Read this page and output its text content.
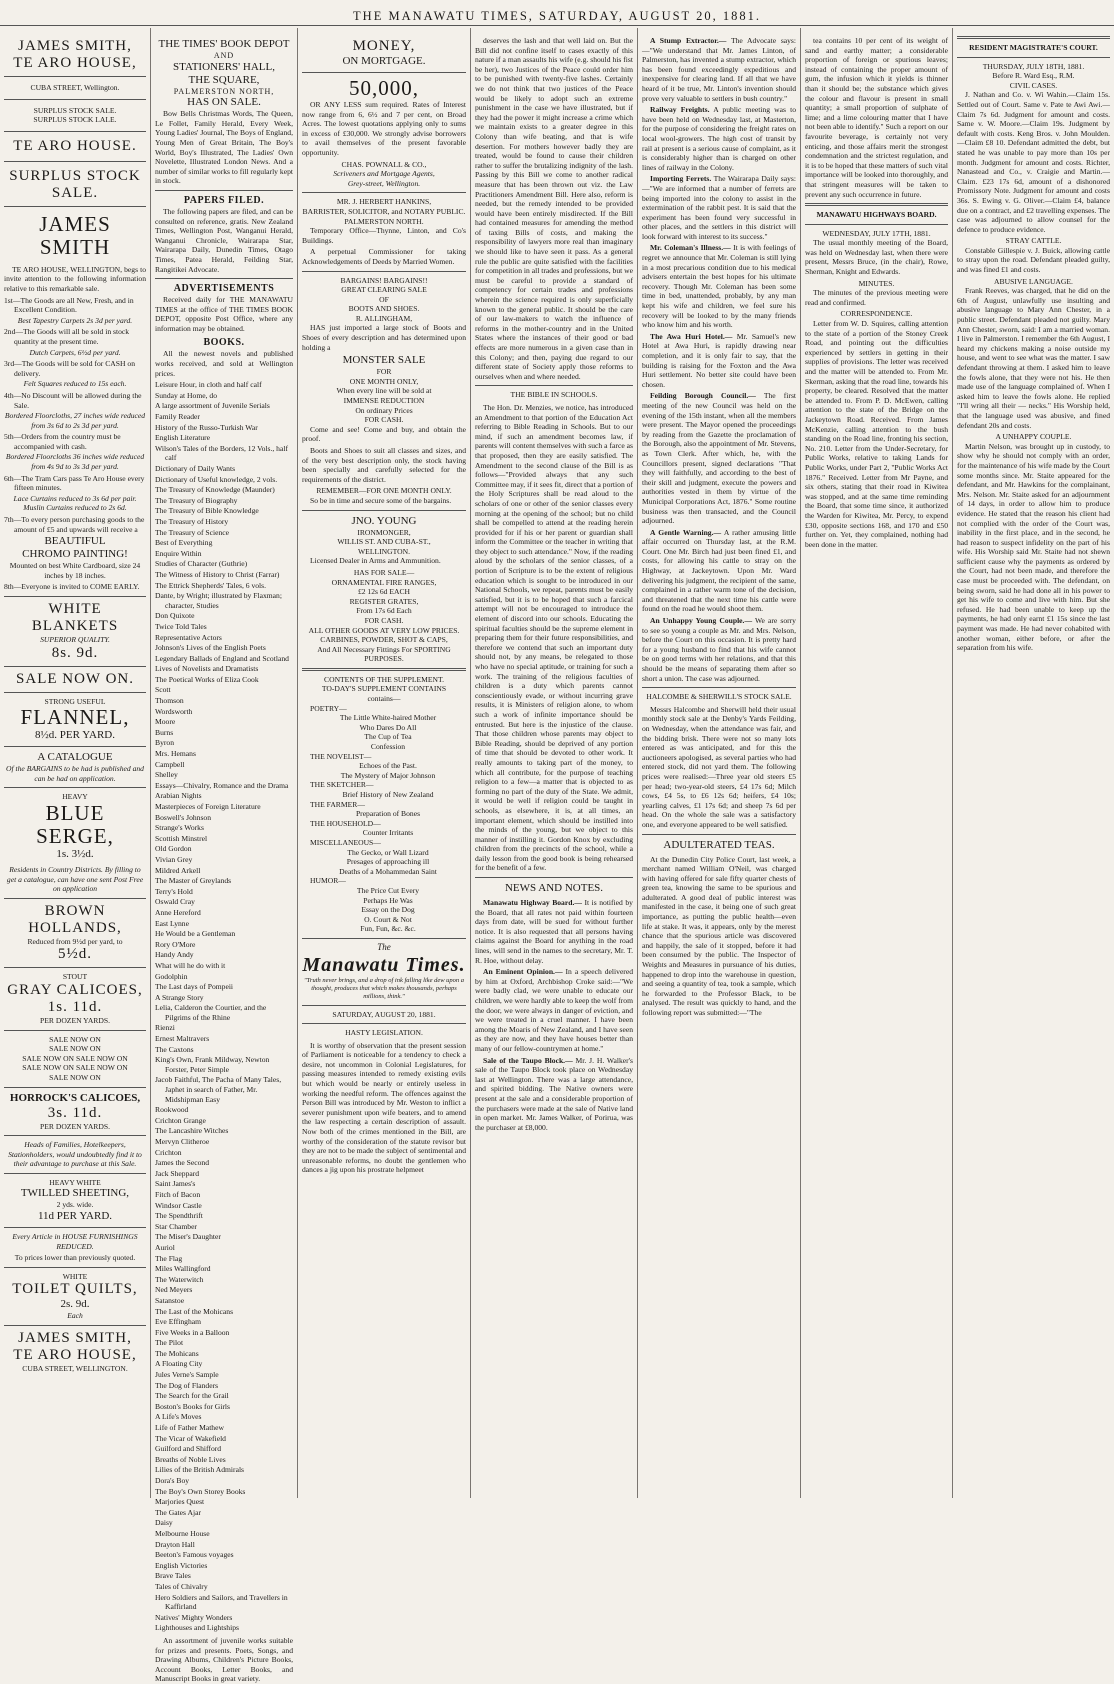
THE MANAWATU TIMES, SATURDAY, AUGUST 20, 1881.
JAMES SMITH,
TE ARO HOUSE,
CUBA STREET, Wellington.
SURPLUS STOCK SALE.
SURPLUS STOCK LALE.
TE ARO HOUSE.
SURPLUS STOCK
SALE.
JAMES SMITH

TE ARO HOUSE, WELLINGTON, begs to invite attention to the following information relative to this remarkable sale.

1st—The Goods are all New, Fresh, and in Excellent Condition.

Best Tapestry Carpets 2s 3d per yard.

2nd—The Goods will all be sold in stock quantity at the present time.

Dutch Carpets, 6½d per yard.

3rd—The Goods will be sold for CASH on delivery.

Felt Squares reduced to 15s each.

4th—No Discount will be allowed during the Sale.

Bordered Floorcloths, 27 inches wide reduced from 3s 6d to 2s 3d per yard.

5th—Orders from the country must be accompanied with cash.

Bordered Floorcloths 36 inches wide reduced from 4s 9d to 3s 3d per yard.

6th—The Tram Cars pass Te Aro House every fifteen minutes.

Lace Curtains reduced to 3s 6d per pair. Muslin Curtains reduced to 2s 6d.

7th—To every person purchasing goods to the amount of £5 and upwards will receive a

BEAUTIFUL
CHROMO PAINTING!

Mounted on best White Cardboard, size 24 inches by 18 inches.

8th—Everyone is invited to COME EARLY.

WHITE BLANKETS
SUPERIOR QUALITY.
8s. 9d.
SALE NOW ON.
STRONG USEFUL
FLANNEL,
8½d. PER YARD.
A CATALOGUE

Of the BARGAINS to be had is published and can be had on application.

HEAVY
BLUE SERGE,
1s. 3½d.

Residents in Country Districts. By filling to get a catalogue, can have one sent Post Free on application

BROWN HOLLANDS,
Reduced from 9½d per yard, to
5½d.
STOUT
GRAY CALICOES,
1s. 11d.
PER DOZEN YARDS.
SALE NOW ON
SALE NOW ON
SALE NOW ON SALE NOW ON
SALE NOW ON SALE NOW ON
SALE NOW ON
HORROCK'S CALICOES,
3s. 11d.
PER DOZEN YARDS.

Heads of Families, Hotelkeepers, Stationholders, would undoubtedly find it to their advantage to purchase at this Sale.

HEAVY WHITE
TWILLED SHEETING,
2 yds. wide.
11d PER YARD.

Every Article in HOUSE FURNISHINGS REDUCED.

To prices lower than previously quoted.

WHITE
TOILET QUILTS,
2s. 9d.
Each
JAMES SMITH,
TE ARO HOUSE,
CUBA STREET, WELLINGTON.
THE TIMES' BOOK DEPOT
AND
STATIONERS' HALL,
THE SQUARE,
PALMERSTON NORTH,
HAS ON SALE.

Bow Bells Christmas Words, The Queen, Le Follet, Family Herald, Every Week, Young Ladies' Journal, The Boys of England, Young Men of Great Britain, The Boy's World, Boy's Illustrated, The Ladies' Own Novelette, Illustrated London News. And a number of similar works to fill regularly kept in stock.

PAPERS FILED.

The following papers are filed, and can be consulted on reference, gratis. New Zealand Times, Wellington Post, Wanganui Herald, Wanganui Chronicle, Wairarapa Star, Wairarapa Daily, Dunedin Times, Otago Times, Patea Herald, Feilding Star, Rangitikei Advocate.

ADVERTISEMENTS

Received daily for THE MANAWATU TIMES at the office of THE TIMES BOOK DEPOT, opposite Post Office, where any information may be obtained.

BOOKS.

All the newest novels and published works received, and sold at Wellington prices.

Leisure Hour, in cloth and half calf
Sunday at Home, do
A large assortment of Juvenile Serials
Family Reader
History of the Russo-Turkish War
English Literature
Wilson's Tales of the Borders, 12 Vols., half calf
Dictionary of Daily Wants
Dictionary of Useful knowledge, 2 vols.
The Treasury of Knowledge (Maunder)
The Treasury of Biography
The Treasury of Bible Knowledge
The Treasury of History
The Treasury of Science
Best of Everything
Enquire Within
Studies of Character (Guthrie)
The Witness of History to Christ (Farrar)
The Ettrick Shepherds' Tales, 6 vols.
Dante, by Wright; illustrated by Flaxman; character, Studies
Don Quixote
Twice Told Tales
Representative Actors
Johnson's Lives of the English Poets
Legendary Ballads of England and Scotland
Lives of Novelists and Dramatists
The Poetical Works of Eliza Cook
Scott
Thomson
Wordsworth
Moore
Burns
Byron
Mrs. Hemans
Campbell
Shelley
Essays—Chivalry, Romance and the Drama
Arabian Nights
Masterpieces of Foreign Literature
Boswell's Johnson
Strange's Works
Scottish Minstrel
Old Gordon
Vivian Grey
Mildred Arkell
The Master of Greylands
Terry's Hold
Oswald Cray
Anne Hereford
East Lynne
He Would be a Gentleman
Rory O'More
Handy Andy
What will he do with it
Godolphin
The Last days of Pompeii
A Strange Story
Lelia, Calderon the Courtier, and the Pilgrims of the Rhine
Rienzi
Ernest Maltravers
The Caxtons
King's Own, Frank Mildway, Newton Forster, Peter Simple
Jacob Faithful, The Pacha of Many Tales, Japhet in search of Father, Mr. Midshipman Easy
Rookwood
Crichton Grange
The Lancashire Witches
Mervyn Clitheroe
Crichton
James the Second
Jack Sheppard
Saint James's
Fitch of Bacon
Windsor Castle
The Spendthrift
Star Chamber
The Miser's Daughter
Auriol
The Flag
Miles Wallingford
The Waterwitch
Ned Meyers
Satanstoe
The Last of the Mohicans
Eve Effingham
Five Weeks in a Balloon
The Pilot
The Mohicans
A Floating City
Jules Verne's Sample
The Dog of Flanders
The Search for the Grail
Boston's Books for Girls
A Life's Moves
Life of Father Mathew
The Vicar of Wakefield
Guilford and Shifford
Breaths of Noble Lives
Lilies of the British Admirals
Dora's Boy
The Boy's Own Storey Books
Marjories Quest
The Gates Ajar
Daisy
Melbourne House
Drayton Hall
Beeton's Famous voyages
English Victories
Brave Tales
Tales of Chivalry
Hero Soldiers and Sailors, and Travellers in Kaffirland
Natives' Mighty Wonders
Lighthouses and Lightships

An assortment of juvenile works suitable for prizes and presents. Poets, Songs, and Drawing Albums, Children's Picture Books, Account Books, Letter Books, and Manuscript Books in great variety.

MONEY,
ON MORTGAGE.
50,000,

OR ANY LESS sum required. Rates of Interest now range from 6, 6½ and 7 per cent, on Broad Acres. The lowest quotations applying only to sums in excess of £30,000. We strongly advise borrowers to avail themselves of the present favorable opportunity.

CHAS. POWNALL & CO.,
Scriveners and Mortgage Agents,
Grey-street, Wellington.
MR. J. HERBERT HANKINS,
BARRISTER, SOLICITOR, and NOTARY PUBLIC.
PALMERSTON NORTH.

Temporary Office—Thynne, Linton, and Co's Buildings.

A perpetual Commissioner for taking Acknowledgements of Deeds by Married Women.

BARGAINS! BARGAINS!!
GREAT CLEARING SALE
OF
BOOTS AND SHOES.
R. ALLINGHAM,

HAS just imported a large stock of Boots and Shoes of every description and has determined upon holding a

MONSTER SALE
FOR
ONE MONTH ONLY,
When every line will be sold at
IMMENSE REDUCTION
On ordinary Prices
FOR CASH.

Come and see! Come and buy, and obtain the proof.

Boots and Shoes to suit all classes and sizes, and of the very best description only, the stock having been specially and carefully selected for the requirements of the district.

REMEMBER—FOR ONE MONTH ONLY.

So be in time and secure some of the bargains.

JNO. YOUNG
IRONMONGER,
WILLIS ST. AND CUBA-ST.,
WELLINGTON.

Licensed Dealer in Arms and Ammunition.

HAS FOR SALE—
ORNAMENTAL FIRE RANGES,
£2 12s 6d EACH
REGISTER GRATES,
From 17s 6d Each
FOR CASH.
ALL OTHER GOODS AT VERY LOW PRICES.
CARBINES, POWDER, SHOT & CAPS,
And All Necessary Fittings For SPORTING PURPOSES.
CONTENTS OF THE SUPPLEMENT.
TO-DAY'S SUPPLEMENT CONTAINS
contains—
POETRY—
The Little White-haired Mother
Who Dares Do All
The Cup of Tea
Confession
THE NOVELIST—
Echoes of the Past.
The Mystery of Major Johnson
THE SKETCHER—
Brief History of New Zealand
THE FARMER—
Preparation of Bones
THE HOUSEHOLD—
Counter Irritants
MISCELLANEOUS—
The Gecko, or Wall Lizard
Presages of approaching ill
Deaths of a Mohammedan Saint
HUMOR—
The Price Cut Every
Perhaps He Was
Essay on the Dog
O. Court & Not
Fun, Fun, &c. &c.
The
Manawatu Times.

"Truth never brings, and a drop of ink falling like dew upon a thought, produces that which makes thousands, perhaps millions, think."

SATURDAY, AUGUST 20, 1881.
HASTY LEGISLATION.

It is worthy of observation that the present session of Parliament is noticeable for a tendency to check a desire, not uncommon in Colonial Legislatures, for passing measures intended to remedy existing evils but which would be nearly or entirely useless in working the needful reform. The offences against the Person Bill was introduced by Mr. Weston to inflict a severer punishment upon wife beaters, and to amend the law respecting a certain description of assault. Now both of the crimes mentioned in the Bill, are worthy of the consideration of the statute revisor but they are not to be made the subject of sentimental and unreasonable reforms, no doubt the gentlemen who dances a jig upon his prostrate helpmeet

deserves the lash and that well laid on. But the Bill did not confine itself to cases exactly of this nature if a man assaults his wife (e.g. should his fist be her), two Justices of the Peace could order him to be punished with twenty-five lashes. Certainly we do not think that two justices of the Peace would be likely to adopt such an extreme punishment in the case we have illustrated, but if they had the power it might increase a crime which we maintain exists to a greater degree in this Colony than wife beating, and that is wife desertion. For mothers however badly they are treated, would be found to cause their children rather to suffer the brutalizing indignity of the lash. Passing by this Bill we come to another radical measure that has been thrown out viz. the Law Practitioners Amendment Bill. Here also, reform is needed, but the remedy intended to be provided would have been entirely misdirected. If the Bill had contained measures for amending the method of taxing Bills of costs, and making the responsibility of lawyers more real than imaginary we should like to have seen it pass. As a general rule the public are quite satisfied with the facilities for competition in all trades and professions, but we must be careful to provide a standard of competency for certain trades and professions wherein the science required is only superficially known to the general public. It should be the care of our law-makers to watch the influence of reforms in the mother-country and in the United States where the instances of their good or bad effects are more numerous in a given case than in this Colony; and then, paying due regard to our different state of Society apply those reforms to ourselves when and where needed.

THE BIBLE IN SCHOOLS.

The Hon. Dr. Menzies, we notice, has introduced an Amendment to that portion of the Education Act referring to Bible Reading in Schools. But to our mind, if such an amendment becomes law, if parents will content themselves with such a farce as that proposed, then they are easily satisfied. The Amendment to the second clause of the Bill is as follows—"Provided always that any such Committee may, if it sees fit, direct that a portion of the Holy Scriptures shall be read aloud to the scholars of one or other of the senior classes every morning at the opening of the school; but no child shall be compelled to attend at the reading herein provided for if his or her parent or guardian shall inform the Committee or the teacher in writing that they object to such attendance." Now, if the reading aloud by the scholars of the senior classes, of a portion of Scripture is to be the extent of religious education which is sought to be introduced in our National Schools, we repeat, parents must be easily satisfied, but it is to be hoped that such a farcical attempt will not be encouraged to introduce the element of discord into our schools. Educating the spiritual faculties should be the supreme element in preparing them for their future responsibilities, and therefore we contend that such an important duty should not, by any means, be relegated to those who have no special aptitude, or training for such a work. The training of the religious faculties of children is a duty which parents cannot conscientiously evade, or without incurring grave results, it is Ministers of religion alone, to whom such a work of infinite importance should be entrusted. But here is the injustice of the clause. That those children whose parents may object to Bible Reading, should be deprived of any portion of time that should be devoted to other work. It really amounts to taking part of the money, to which all contribute, for the purpose of teaching religion to a few—a matter that is objected to as forming no part of the duty of the State. We admit, it would be well if religion could be taught in schools, as elsewhere, it is, at all times, an important element, which should be instilled into the minds of the young, but we object to this manner of instilling it. Gordon Knox by excluding children from the precincts of the school, while a daily lesson from the good book is being rehearsed for the benefit of a few.

NEWS AND NOTES.

Manawatu Highway Board.— It is notified by the Board, that all rates not paid within fourteen days from date, will be sued for without further notice. It is also requested that all persons having claims against the Board for anything in the road lines, will send in the names to the secretary, Mr. T. R. Hoe, without delay.

An Eminent Opinion.— In a speech delivered by him at Oxford, Archbishop Croke said:—"We were badly clad, we were unable to educate our children, we were hardly able to keep the wolf from the door, we were always in danger of eviction, and we were treated in a cruel manner. I have been among the Moaris of New Zealand, and I have seen as they are now, and they have houses better than many of our fellow-countrymen at home."

Sale of the Taupo Block.— Mr. J. H. Walker's sale of the Taupo Block took place on Wednesday last at Wellington. There was a large attendance, and spirited bidding. The Native owners were present at the sale and a considerable proportion of the purchasers were made at the sale of Native land in open market. Mr. James Walker, of Porirua, was the purchaser at £8,000.

A Stump Extractor.— The Advocate says:—"We understand that Mr. James Linton, of Palmerston, has invented a stump extractor, which has been found exceedingly expeditious and inexpensive for clearing land. If all that we have heard of it be true, Mr. Linton's invention should prove very valuable to settlers in bush country."

Railway Freights. A public meeting was to have been held on Wednesday last, at Masterton, for the purpose of considering the freight rates on local wool-growers. The high cost of transit by rail at present is a serious cause of complaint, as it is considerably higher than is charged on other lines of railway in the Colony.

Importing Ferrets. The Wairarapa Daily says:—"We are informed that a number of ferrets are being imported into the colony to assist in the extermination of the rabbit pest. It is said that the experiment has been found very successful in other places, and the settlers in this district will look forward with interest to its success."

Mr. Coleman's Illness.— It is with feelings of regret we announce that Mr. Coleman is still lying in a most precarious condition due to his medical advisers entertain the best hopes for his ultimate recovery. Though Mr. Coleman has been some time in bed, unattended, probably, by any man kept his wife and children, we feel sure his recovery will be looked to by the many friends who know him and his worth.

The Awa Huri Hotel.— Mr. Samuel's new Hotel at Awa Huri, is rapidly drawing near completion, and it is only fair to say, that the building is raising for the Foxton and the Awa Huri settlement. No better site could have been chosen.

Feilding Borough Council.— The first meeting of the new Council was held on the evening of the 15th instant, when all the members were present. The Mayor opened the proceedings by reading from the Gazette the proclamation of the Borough, also the appointment of Mr. Stevens, as Town Clerk. After which, he, with the Councillors present, signed declarations "That they will faithfully, and according to the best of their skill and judgment, execute the powers and authorities vested in them by virtue of the Municipal Corporations Act, 1876." Some routine business was then transacted, and the Council adjourned.

A Gentle Warning.— A rather amusing little affair occurred on Thursday last, at the R.M. Court. One Mr. Birch had just been fined £1, and costs, for allowing his cattle to stray on the Highway, at Jackeytown. Upon Mr. Ward delivering his judgment, the recipient of the same, complained in a rather warm tone of the decision, and threatened that the next time his cattle were found on the road he would shoot them.

An Unhappy Young Couple.— We are sorry to see so young a couple as Mr. and Mrs. Nelson, before the Court on this occasion. It is pretty hard for a young husband to find that his wife cannot be on good terms with her relations, and that this should be the means of separating them after so short a union. The case was adjourned.

HALCOMBE & SHERWILL'S STOCK SALE.

Messrs Halcombe and Sherwill held their usual monthly stock sale at the Denby's Yards Feilding, on Wednesday, when the attendance was fair, and the bidding brisk. There were not so many lots entered as was anticipated, and for this the auctioneers apologised, as several parties who had entered stock, did not yard them. The following prices were realised:—Three year old steers £5 per head; two-year-old steers, £4 17s 6d; Milch cows, £4 5s, to £6 12s 6d; heifers, £4 10s; yearling calves, £1 17s 6d; and sheep 7s 6d per head. On the whole the sale was a satisfactory one, and everyone appeared to be well satisfied.

ADULTERATED TEAS.

At the Dunedin City Police Court, last week, a merchant named William O'Neil, was charged with having offered for sale fifty quarter chests of green tea, knowing the same to be spurious and adulterated. A good deal of public interest was manifested in the case, it being one of such great importance, as putting the public health—even life at stake. It was, it appears, only by the merest chance that the spurious article was discovered and happily, the sale of it stopped, before it had been consumed by the public. The Inspector of Weights and Measures in pursuance of his duties, happened to drop into the warehouse in question, and seeing a quantity of tea, took a sample, which he forwarded to the Professor Black, to be analysed. The result was quickly to hand, and the following report was submitted:—"The

tea contains 10 per cent of its weight of sand and earthy matter; a considerable proportion of foreign or spurious leaves; instead of containing the proper amount of gum, the infusion which it yields is thinner than it should be; the substance which gives the colour and flavour is present in small quantity; a small proportion of sulphate of lime; and a lime colouring matter that I have not been able to identify." Such a report on our favourite beverage, is certainly not very enticing, and those affairs merit the strongest condemnation and the strictest regulation, and it is to be hoped that these matters of such vital importance will be looked into thoroughly, and that stringent measures will be taken to prevent any such occurrence in future.

MANAWATU HIGHWAYS BOARD.
WEDNESDAY, JULY 17TH, 1881.

The usual monthly meeting of the Board, was held on Wednesday last, when there were present, Messrs Bruce, (in the chair), Rowe, Sherman, Knight and Edwards.

MINUTES.

The minutes of the previous meeting were read and confirmed.

CORRESPONDENCE.

Letter from W. D. Squires, calling attention to the state of a portion of the Stoney Creek Road, and pointing out the difficulties experienced by settlers in getting in their supplies of provisions. The letter was received and the matter will be attended to. From Mr. Skerman, asking that the road line, towards his property, be cleared. Resolved that the matter be attended to. From P. D. McEwen, calling attention to the state of the Bridge on the Jackeytown Road. Received. From James McKenzie, calling attention to the bush standing on the Road line, fronting his section, No. 210. Letter from the Under-Secretary, for Public Works, relative to taking Lands for Public Works, under Part 2, "Public Works Act 1876." Received. Letter from Mr Payne, and six others, stating that their road in Kiwitea was stopped, and at the same time reminding the Board, that some time since, it authorized the Warden for Kiwitea, Mr. Percy, to expend £30, opposite sections 168, and 170 and £50 further on. Yet, they complained, nothing had been done in the matter.

RESIDENT MAGISTRATE'S COURT.
THURSDAY, JULY 18TH, 1881.
Before R. Ward Esq., R.M.
CIVIL CASES.

J. Nathan and Co. v. Wi Wahin.—Claim 15s. Settled out of Court. Same v. Pate te Awi Awi.—Claim 7s 6d. Judgment for amount and costs. Same v. W. Moore.—Claim 19s. Judgment by default with costs. Keng Bros. v. John Moulden.—Claim £8 10. Defendant admitted the debt, but stated he was unable to pay more than 10s per month. Judgment for amount and costs. Richter, Nanastead and Co., v. Craigie and Martin.—Claim. £23 17s 6d, amount of a dishonored Promissory Note. Judgment for amount and costs 36s. S. Ewing v. G. Oliver.—Claim £4, balance due on a contract, and £2 travelling expenses. The case was adjourned to allow counsel for the defence to produce evidence.

STRAY CATTLE.

Constable Gillespie v. J. Buick, allowing cattle to stray upon the road. Defendant pleaded guilty, and was fined £1 and costs.

ABUSIVE LANGUAGE.

Frank Reeves, was charged, that he did on the 6th of August, unlawfully use insulting and abusive language to Mary Ann Chester, in a public street. Defendant pleaded not guilty. Mary Ann Chester, sworn, said: I am a married woman. I live in Palmerston. I remember the 6th August, I heard my chickens making a noise outside my house, and went to see what was the matter. I saw defendant throwing at them. I asked him to leave the fowls alone, that they were not his. He then made use of the language complained of. When I asked him to leave the fowls alone. He replied "I'll wring all their — necks." His Worship held, that the language used was abusive, and fined defendant 20s and costs.

A UNHAPPY COUPLE.

Martin Nelson, was brought up in custody, to show why he should not comply with an order, for the maintenance of his wife made by the Court some months since. Mr. Staite appeared for the defendant, and Mr. Hawkins for the complainant, Mrs. Nelson. Mr. Staite asked for an adjournment of 14 days, in order to allow him to produce evidence. He stated that the reason his client had not complied with the order of the Court was, inability in the first place, and in the second, he had reason to suspect infidelity on the part of his wife. His Worship said Mr. Staite had not shewn sufficient cause why the payments as ordered by the Court, had not been made, and therefore the case must be proceeded with. The defendant, on being sworn, said he had done all in his power to get his wife to come and live with him. But she refused. He had been unable to keep up the payments, he had only earnt £1 15s since the last payment was made. He had never cohabited with another woman, either before, or after the separation from his wife.
